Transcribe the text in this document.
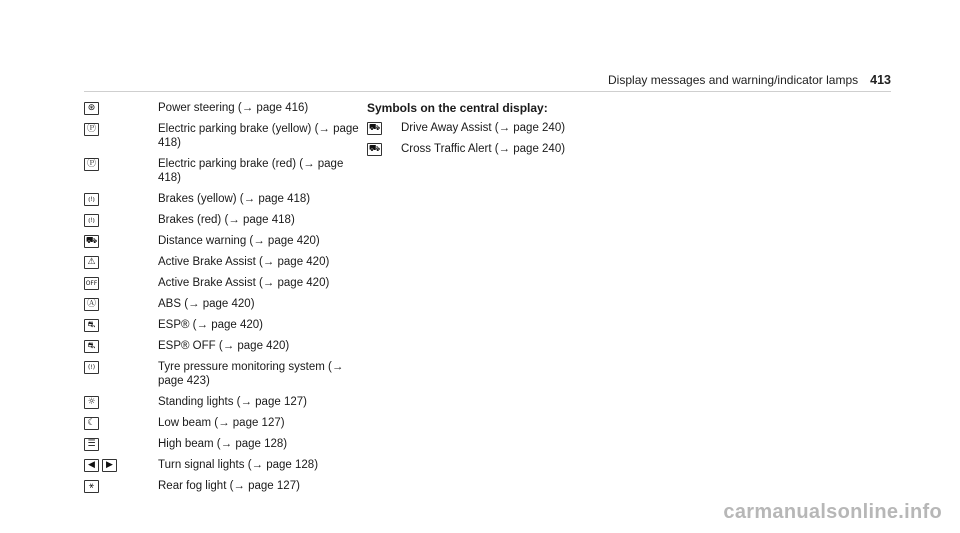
Display messages and warning/indicator lamps 413
⊛	Power steering (→ page 416)
Ⓟ	Electric parking brake (yellow) (→ page 418)
Ⓟ	Electric parking brake (red) (→ page 418)
⦅!⦆	Brakes (yellow) (→ page 418)
⦅!⦆	Brakes (red) (→ page 418)
⛟	Distance warning (→ page 420)
⚠	Active Brake Assist (→ page 420)
OFF	Active Brake Assist (→ page 420)
Ⓐ	ABS (→ page 420)
⛐	ESP® (→ page 420)
⛐	ESP® OFF (→ page 420)
(!)	Tyre pressure monitoring system (→ page 423)
☼	Standing lights (→ page 127)
☾	Low beam (→ page 127)
☰	High beam (→ page 128)
◀	▶	Turn signal lights (→ page 128)
⚹	Rear fog light (→ page 127)
Symbols on the central display:
⛟ Drive Away Assist (→ page 240)
⛟ Cross Traffic Alert (→ page 240)
carmanualsonline.info
